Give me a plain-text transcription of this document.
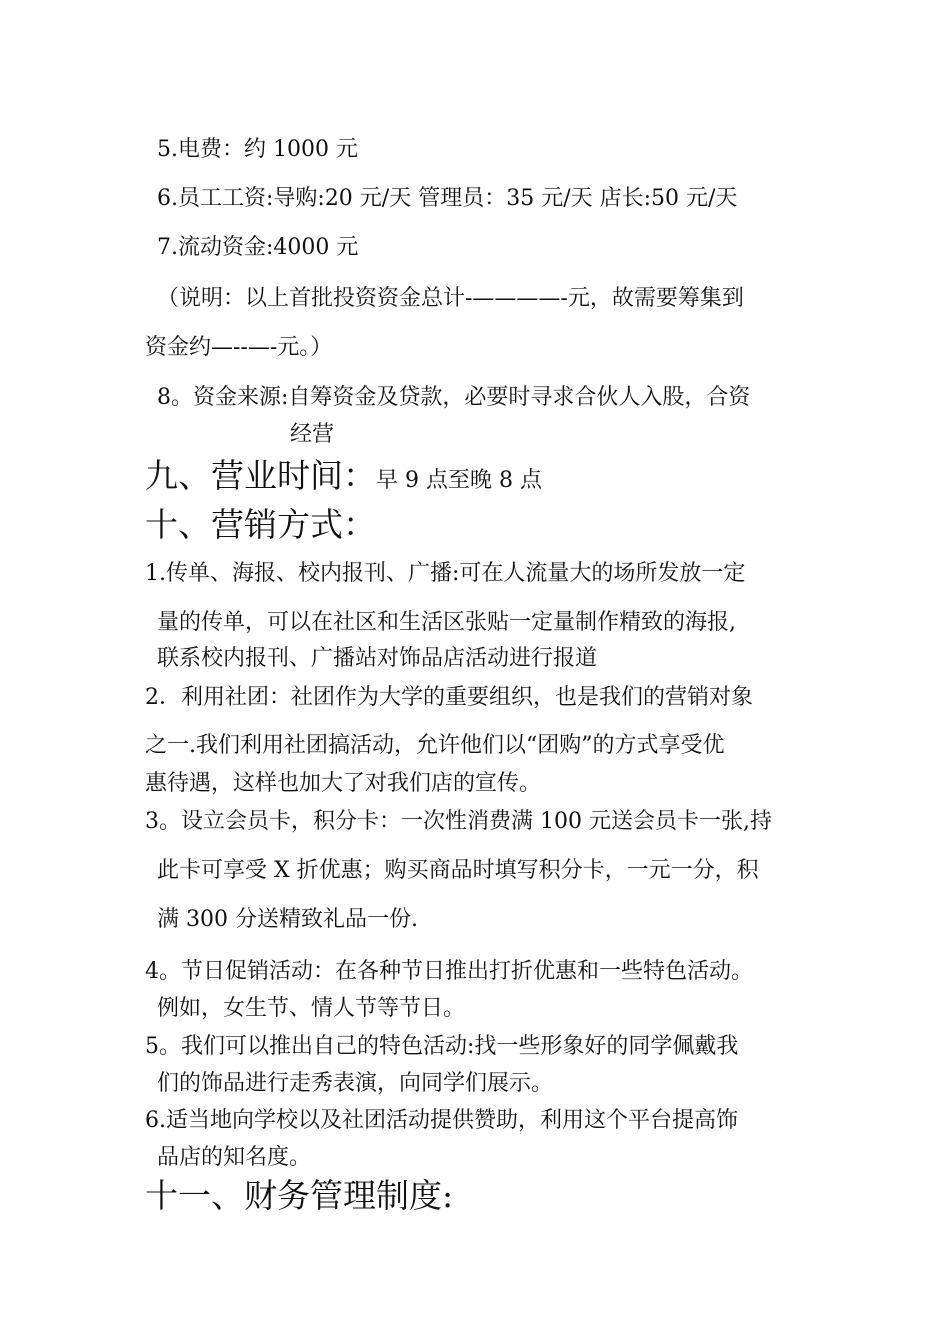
5.电费：约 1000 元
6.员工工资:导购:20 元/天 管理员：35 元/天 店长:50 元/天
7.流动资金:4000 元
（说明：以上首批投资资金总计-————-元，故需要筹集到
资金约—--—-元。）
8。资金来源:自筹资金及贷款，必要时寻求合伙人入股，合资
经营
九、营业时间：早 9 点至晚 8 点
十、营销方式：
1.传单、海报、校内报刊、广播:可在人流量大的场所发放一定
量的传单，可以在社区和生活区张贴一定量制作精致的海报,
联系校内报刊、广播站对饰品店活动进行报道
2．利用社团：社团作为大学的重要组织，也是我们的营销对象
之一.我们利用社团搞活动，允许他们以“团购”的方式享受优
惠待遇，这样也加大了对我们店的宣传。
3。设立会员卡，积分卡：一次性消费满 100 元送会员卡一张,持
此卡可享受 X 折优惠；购买商品时填写积分卡，一元一分，积
满 300 分送精致礼品一份.
4。节日促销活动：在各种节日推出打折优惠和一些特色活动。
例如，女生节、情人节等节日。
5。我们可以推出自己的特色活动:找一些形象好的同学佩戴我
们的饰品进行走秀表演，向同学们展示。
6.适当地向学校以及社团活动提供赞助，利用这个平台提高饰
品店的知名度。
十一、财务管理制度:
